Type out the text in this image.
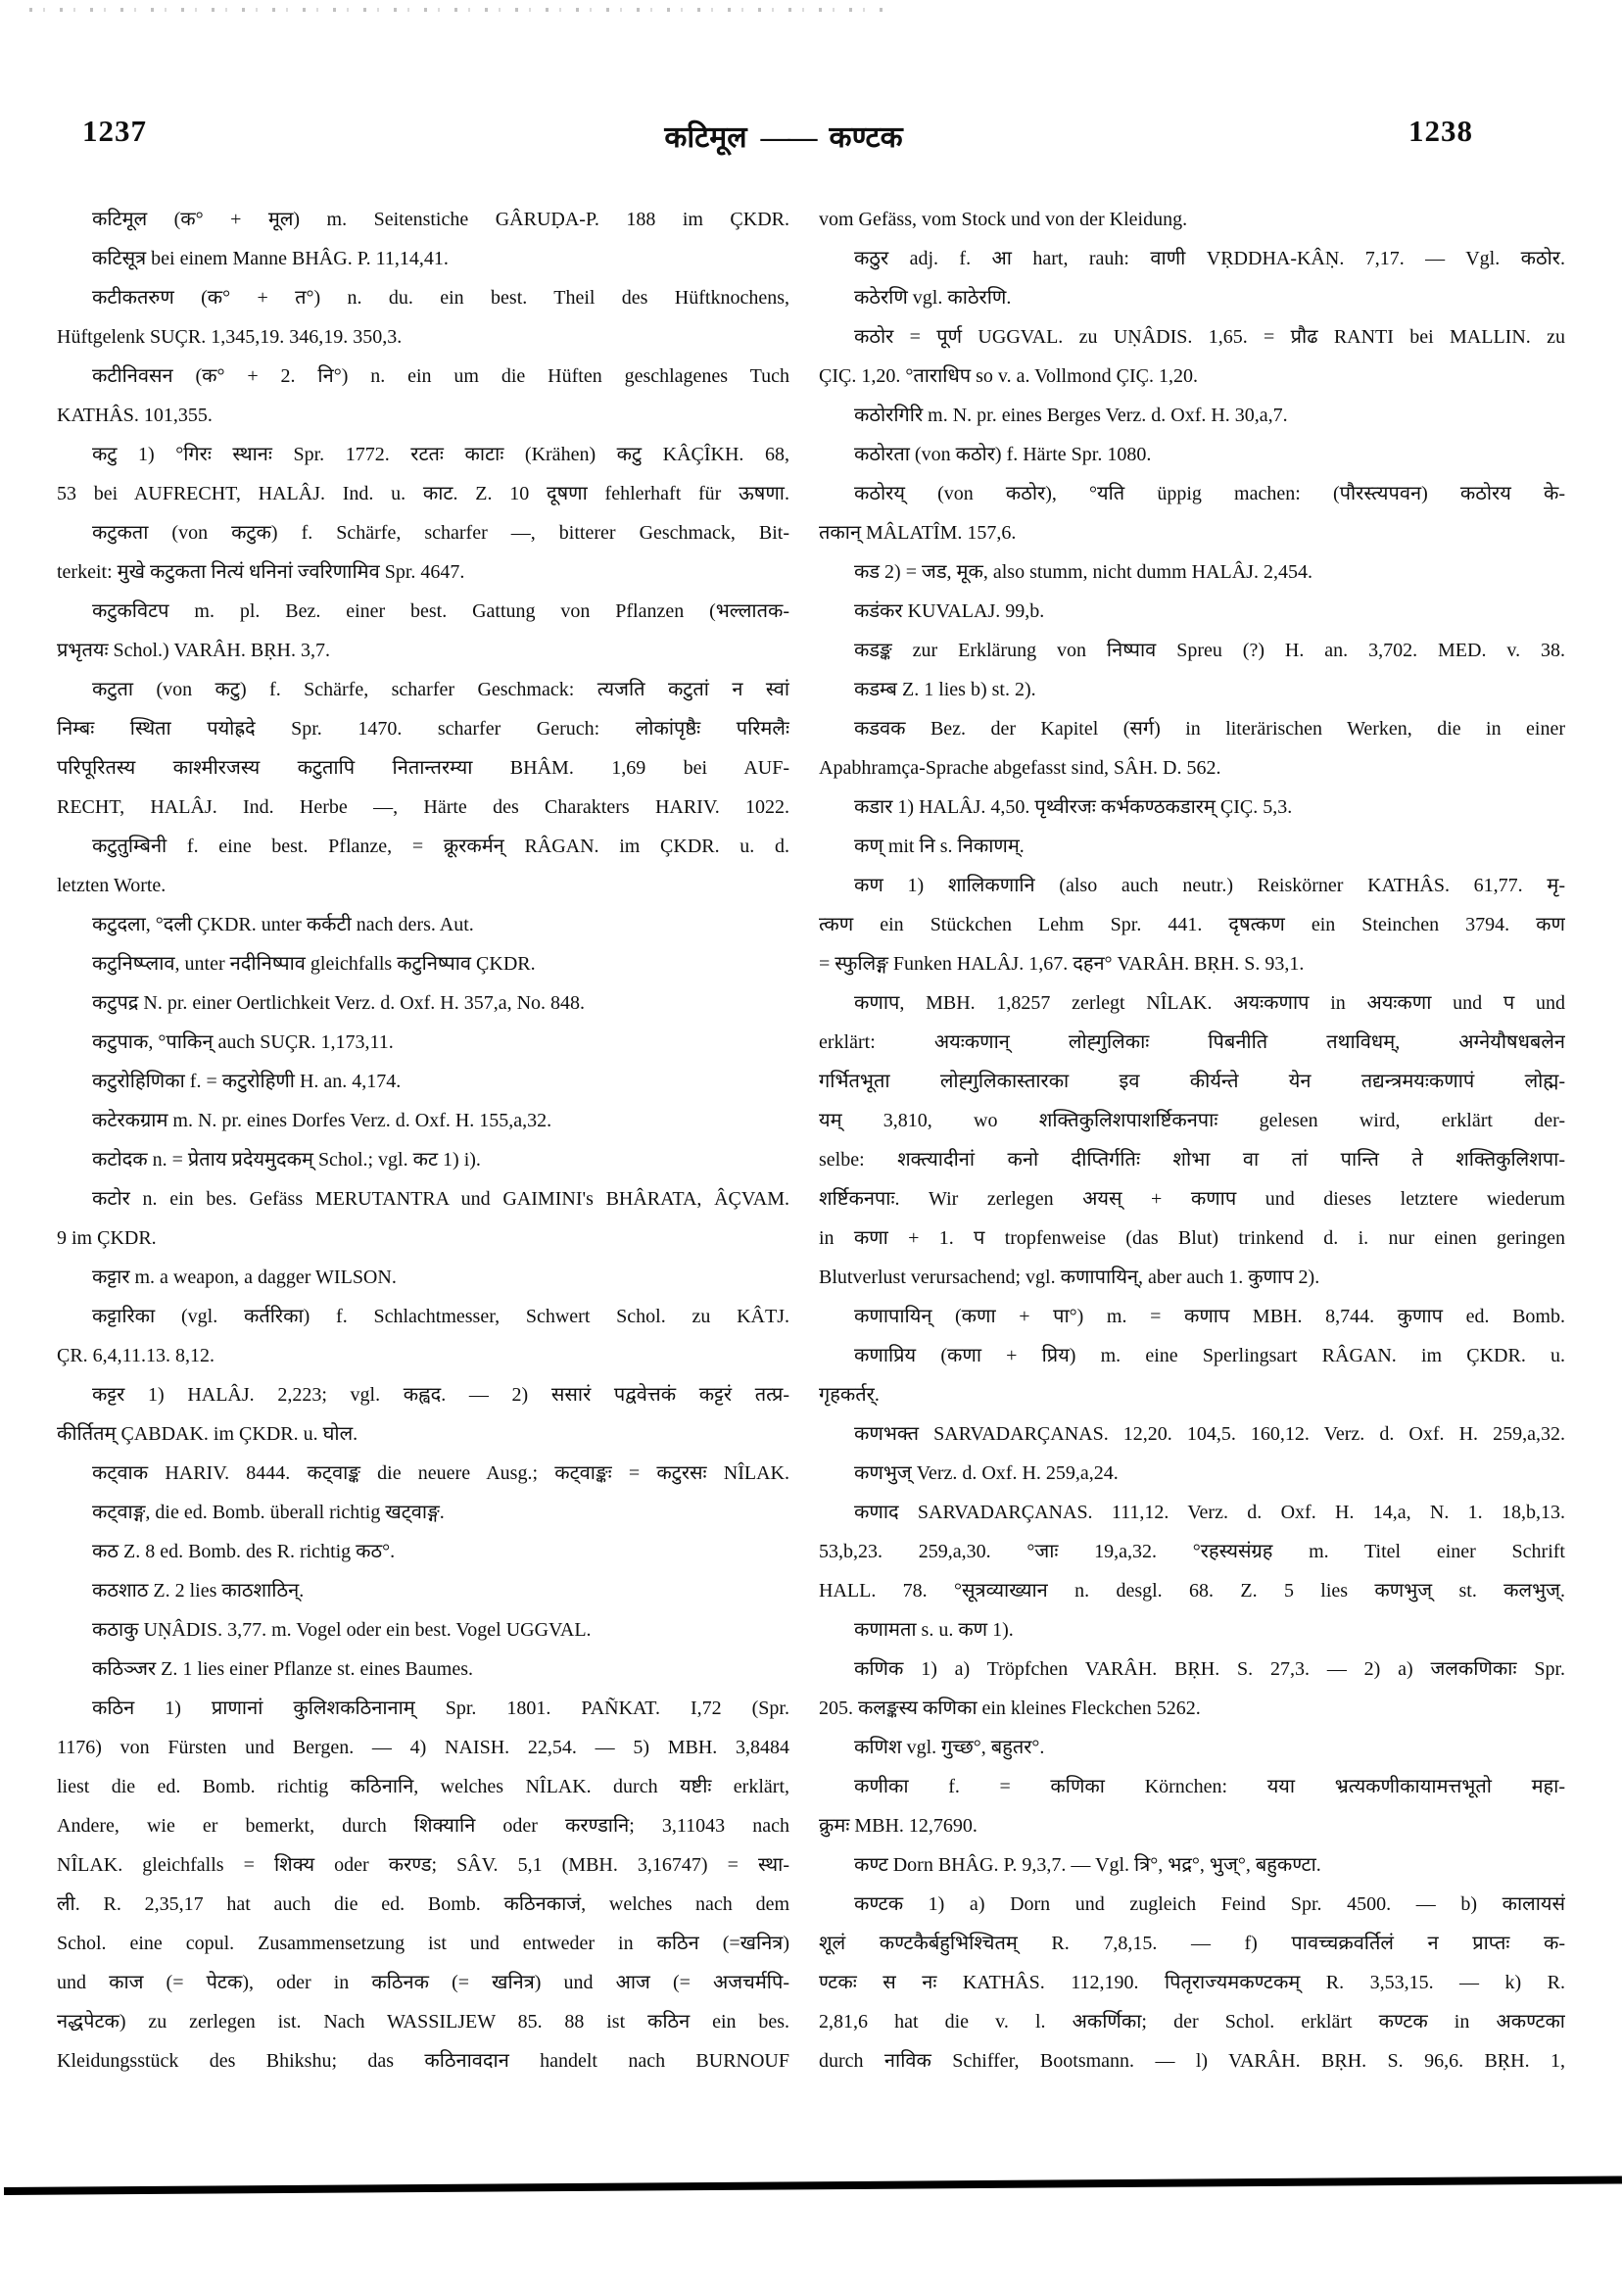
1237	कटिमूल —— कण्टक	1238
कटिमूल (क° + मूल) m. Seitenstiche GÂRUḌA-P. 188 im ÇKDR.
कटिसूत्र bei einem Manne BHÂG. P. 11,14,41.
कटीकतरुण (क° + त°) n. du. ein best. Theil des Hüftknochens,
Hüftgelenk SUÇR. 1,345,19. 346,19. 350,3.
कटीनिवसन (क° + 2. नि°) n. ein um die Hüften geschlagenes Tuch
KATHÂS. 101,355.
कटु 1) °गिरः स्थानः Spr. 1772. रटतः काटाः (Krähen) कटु KÂÇÎKH. 68,
53 bei AUFRECHT, HALÂJ. Ind. u. काट. Z. 10 दूषणा fehlerhaft für ऊषणा.
कटुकता (von कटुक) f. Schärfe, scharfer —, bitterer Geschmack, Bit-
terkeit: मुखे कटुकता नित्यं धनिनां ज्वरिणामिव Spr. 4647.
कटुकविटप m. pl. Bez. einer best. Gattung von Pflanzen (भल्लातक-
प्रभृतयः Schol.) VARÂH. BṚH. 3,7.
कटुता (von कटु) f. Schärfe, scharfer Geschmack: त्यजति कटुतां न स्वां
निम्बः स्थिता पयोह्रदे Spr. 1470. scharfer Geruch: लोकांपृष्ठैः परिमलैः
परिपूरितस्य काश्मीरजस्य कटुतापि नितान्तरम्या BHÂM. 1,69 bei AUF-
RECHT, HALÂJ. Ind. Herbe —, Härte des Charakters HARIV. 1022.
कटुतुम्बिनी f. eine best. Pflanze, = क्रूरकर्मन् RÂGAN. im ÇKDR. u. d.
letzten Worte.
कटुदला, °दली ÇKDR. unter कर्कटी nach ders. Aut.
कटुनिष्प्लाव, unter नदीनिष्पाव gleichfalls कटुनिष्पाव ÇKDR.
कटुपद्र N. pr. einer Oertlichkeit Verz. d. Oxf. H. 357,a, No. 848.
कटुपाक, °पाकिन् auch SUÇR. 1,173,11.
कटुरोहिणिका f. = कटुरोहिणी H. an. 4,174.
कटेरकग्राम m. N. pr. eines Dorfes Verz. d. Oxf. H. 155,a,32.
कटोदक n. = प्रेताय प्रदेयमुदकम् Schol.; vgl. कट 1) i).
कटोर n. ein bes. Gefäss MERUTANTRA und GAIMINI's BHÂRATA, ÂÇVAM.
9 im ÇKDR.
कट्टार m. a weapon, a dagger WILSON.
कट्टारिका (vgl. कर्तरिका) f. Schlachtmesser, Schwert Schol. zu KÂTJ.
ÇR. 6,4,11.13. 8,12.
कट्टर 1) HALÂJ. 2,223; vgl. कह्वद. — 2) ससारं पद्ववेत्तकं कट्टरं तत्प्र-
कीर्तितम् ÇABDAK. im ÇKDR. u. घोल.
कट्वाक HARIV. 8444. कट्वाङ्क die neuere Ausg.; कट्वाङ्कः = कटुरसः NÎLAK.
कट्वाङ्ग, die ed. Bomb. überall richtig खट्वाङ्ग.
कठ Z. 8 ed. Bomb. des R. richtig कठ°.
कठशाठ Z. 2 lies काठशाठिन्.
कठाकु UṆÂDIS. 3,77. m. Vogel oder ein best. Vogel UGGVAL.
कठिञ्जर Z. 1 lies einer Pflanze st. eines Baumes.
कठिन 1) प्राणानां कुलिशकठिनानाम् Spr. 1801. PAÑKAT. I,72 (Spr.
1176) von Fürsten und Bergen. — 4) NAISH. 22,54. — 5) MBH. 3,8484
liest die ed. Bomb. richtig कठिनानि, welches NÎLAK. durch यष्टीः erklärt,
Andere, wie er bemerkt, durch शिक्यानि oder करण्डानि; 3,11043 nach
NÎLAK. gleichfalls = शिक्य oder करण्ड; SÂV. 5,1 (MBH. 3,16747) = स्था-
ली. R. 2,35,17 hat auch die ed. Bomb. कठिनकाजं, welches nach dem
Schol. eine copul. Zusammensetzung ist und entweder in कठिन (=खनित्र)
und काज (= पेटक), oder in कठिनक (= खनित्र) und आज (= अजचर्मपि-
नद्धपेटक) zu zerlegen ist. Nach WASSILJEW 85. 88 ist कठिन ein bes.
Kleidungsstück des Bhikshu; das कठिनावदान handelt nach BURNOUF
vom Gefäss, vom Stock und von der Kleidung.
कठुर adj. f. आ hart, rauh: वाणी VṚDDHA-KÂṆ. 7,17. — Vgl. कठोर.
कठेरणि vgl. काठेरणि.
कठोर = पूर्ण UGGVAL. zu UṆÂDIS. 1,65. = प्रौढ RANTI bei MALLIN. zu
ÇIÇ. 1,20. °ताराधिप so v. a. Vollmond ÇIÇ. 1,20.
कठोरगिरि m. N. pr. eines Berges Verz. d. Oxf. H. 30,a,7.
कठोरता (von कठोर) f. Härte Spr. 1080.
कठोरय् (von कठोर), °यति üppig machen: (पौरस्त्यपवन) कठोरय के-
तकान् MÂLATÎM. 157,6.
कड 2) = जड, मूक, also stumm, nicht dumm HALÂJ. 2,454.
कडंकर KUVALAJ. 99,b.
कडङ्क zur Erklärung von निष्पाव Spreu (?) H. an. 3,702. MED. v. 38.
कडम्ब Z. 1 lies b) st. 2).
कडवक Bez. der Kapitel (सर्ग) in literärischen Werken, die in einer
Apabhramça-Sprache abgefasst sind, SÂH. D. 562.
कडार 1) HALÂJ. 4,50. पृथ्वीरजः कर्भकण्ठकडारम् ÇIÇ. 5,3.
कण् mit नि s. निकाणम्.
कण 1) शालिकणानि (also auch neutr.) Reiskörner KATHÂS. 61,77. मृ-
त्कण ein Stückchen Lehm Spr. 441. दृषत्कण ein Steinchen 3794. कण
= स्फुलिङ्ग Funken HALÂJ. 1,67. दहन° VARÂH. BṚH. S. 93,1.
कणाप, MBH. 1,8257 zerlegt NÎLAK. अयःकणाप in अयःकणा und प und
erklärt: अयःकणान् लोह्गुलिकाः पिबनीति तथाविधम्, अग्नेयौषधबलेन
गर्भितभूता लोह्गुलिकास्तारका इव कीर्यन्ते येन तद्यन्त्रमयःकणापं लोह्म-
यम् 3,810, wo शक्तिकुलिशपाशर्ष्टिकनपाः gelesen wird, erklärt der-
selbe: शक्त्यादीनां कनो दीप्तिर्गतिः शोभा वा तां पान्ति ते शक्तिकुलिशपा-
शर्ष्टिकनपाः. Wir zerlegen अयस् + कणाप und dieses letztere wiederum
in कणा + 1. प tropfenweise (das Blut) trinkend d. i. nur einen geringen
Blutverlust verursachend; vgl. कणापायिन्, aber auch 1. कुणाप 2).
कणापायिन् (कणा + पा°) m. = कणाप MBH. 8,744. कुणाप ed. Bomb.
कणाप्रिय (कणा + प्रिय) m. eine Sperlingsart RÂGAN. im ÇKDR. u.
गृहकर्तर्.
कणभक्त SARVADARÇANAS. 12,20. 104,5. 160,12. Verz. d. Oxf. H. 259,a,32.
कणभुज् Verz. d. Oxf. H. 259,a,24.
कणाद SARVADARÇANAS. 111,12. Verz. d. Oxf. H. 14,a, N. 1. 18,b,13.
53,b,23. 259,a,30. °जाः 19,a,32. °रहस्यसंग्रह m. Titel einer Schrift
HALL. 78. °सूत्रव्याख्यान n. desgl. 68. Z. 5 lies कणभुज् st. कलभुज्.
कणामता s. u. कण 1).
कणिक 1) a) Tröpfchen VARÂH. BṚH. S. 27,3. — 2) a) जलकणिकाः Spr.
205. कलङ्कस्य कणिका ein kleines Fleckchen 5262.
कणिश vgl. गुच्छ°, बहुतर°.
कणीका f. = कणिका Körnchen: यया भ्रत्यकणीकायामत्तभूतो महा-
क्रुमः MBH. 12,7690.
कण्ट Dorn BHÂG. P. 9,3,7. — Vgl. त्रि°, भद्र°, भुज्°, बहुकण्टा.
कण्टक 1) a) Dorn und zugleich Feind Spr. 4500. — b) कालायसं
शूलं कण्टकैर्बहुभिश्चितम् R. 7,8,15. — f) पावच्चक्रवर्तिलं न प्राप्तः क-
ण्टकः स नः KATHÂS. 112,190. पितृराज्यमकण्टकम् R. 3,53,15. — k) R.
2,81,6 hat die v. l. अकर्णिका; der Schol. erklärt कण्टक in अकण्टका
durch नाविक Schiffer, Bootsmann. — l) VARÂH. BṚH. S. 96,6. BṚH. 1,
